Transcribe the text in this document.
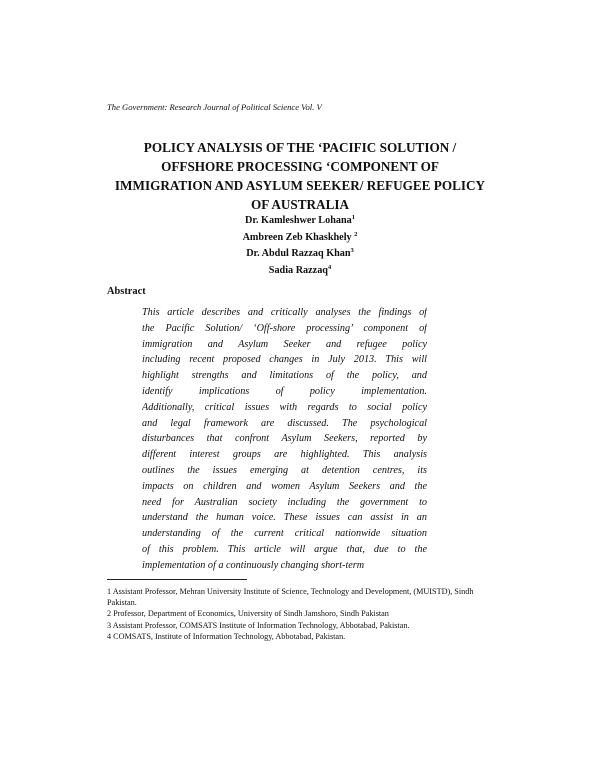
The Government: Research Journal of Political Science Vol. V
POLICY ANALYSIS OF THE ‘PACIFIC SOLUTION /
OFFSHORE PROCESSING ‘COMPONENT OF
IMMIGRATION AND ASYLUM SEEKER/ REFUGEE POLICY
OF AUSTRALIA
Dr. Kamleshwer Lohana$^1$
Ambreen Zeb Khaskhely $^2$
Dr. Abdul Razzaq Khan$^3$
Sadia Razzaq$^4$
Abstract
This article describes and critically analyses the findings of
the Pacific Solution/ ‘Off-shore processing’ component of
immigration and Asylum Seeker and refugee policy
including recent proposed changes in July 2013. This will
highlight strengths and limitations of the policy, and
identify implications of policy implementation.
Additionally, critical issues with regards to social policy
and legal framework are discussed. The psychological
disturbances that confront Asylum Seekers, reported by
different interest groups are highlighted. This analysis
outlines the issues emerging at detention centres, its
impacts on children and women Asylum Seekers and the
need for Australian society including the government to
understand the human voice. These issues can assist in an
understanding of the current critical nationwide situation
of this problem. This article will argue that, due to the
implementation of a continuously changing short-term

1 Assistant Professor, Mehran University Institute of Science, Technology and Development, (MUISTD), Sindh Pakistan.

2 Professor, Department of Economics, University of Sindh Jamshoro, Sindh Pakistan

3 Assistant Professor, COMSATS Institute of Information Technology, Abbotabad, Pakistan.

4 COMSATS, Institute of Information Technology, Abbotabad, Pakistan.
